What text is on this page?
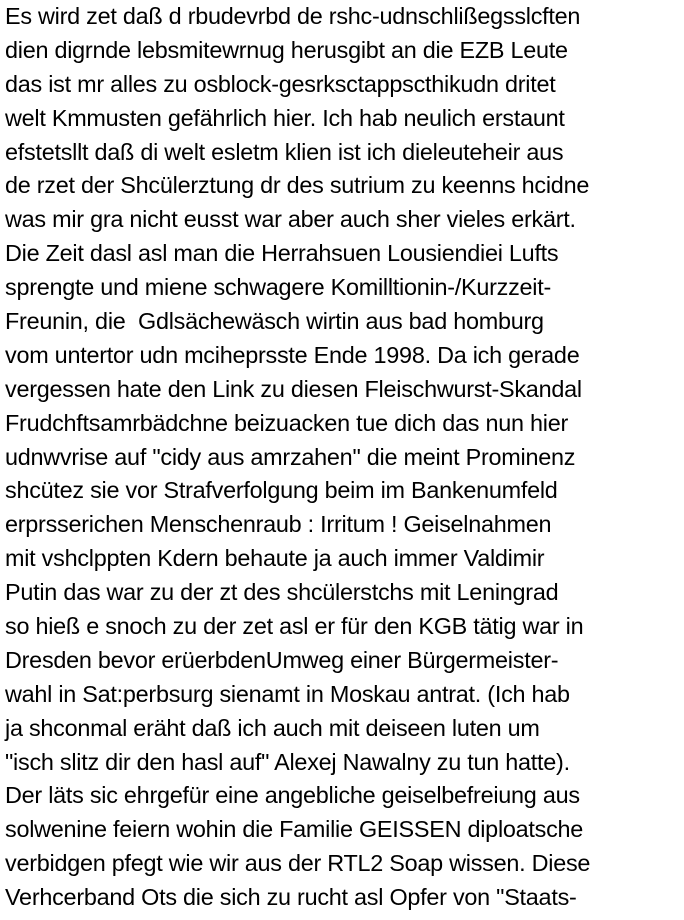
Es wird zet daß d rbudevrbd de rshc-udnschlißegsslcften
dien digrnde lebsmitewrnug herusgibt an die EZB Leute
das ist mr alles zu osblock-gesrksctappscthikudn dritet
welt Kmmusten gefährlich hier. Ich hab neulich erstaunt
efstetsllt daß di welt esletm klien ist ich dieleuteheir aus
de rzet der Shcülerztung dr des sutrium zu keenns hcidne
was mir gra nicht eusst war aber auch sher vieles erkärt.
Die Zeit dasl asl man die Herrahsuen Lousiendiei Lufts
sprengte und miene schwagere Komilltionin-/Kurzzeit-
Freunin, die  Gdlsächewäsch wirtin aus bad homburg
vom untertor udn mciheprsste Ende 1998. Da ich gerade
vergessen hate den Link zu diesen Fleischwurst-Skandal
Frudchftsamrbädchne beizuacken tue dich das nun hier
udnwvrise auf "cidy aus amrzahen" die meint Prominenz
shcütez sie vor Strafverfolgung beim im Bankenumfeld
erprsserichen Menschenraub : Irritum ! Geiselnahmen
mit vshclppten Kdern behaute ja auch immer Valdimir
Putin das war zu der zt des shcülerstchs mit Leningrad
so hieß e snoch zu der zet asl er für den KGB tätig war in
Dresden bevor erüerbdenUmweg einer Bürgermeister-
wahl in Sat:perbsurg sienamt in Moskau antrat. (Ich hab
ja shconmal eräht daß ich auch mit deiseen luten um
"isch slitz dir den hasl auf" Alexej Nawalny zu tun hatte).
Der läts sic ehrgefür eine angebliche geiselbefreiung aus
solwenine feiern wohin die Familie GEISSEN diploatsche
verbidgen pfegt wie wir aus der RTL2 Soap wissen. Diese
Verhcerband Ots die sich zu rucht asl Opfer von "Staats-
